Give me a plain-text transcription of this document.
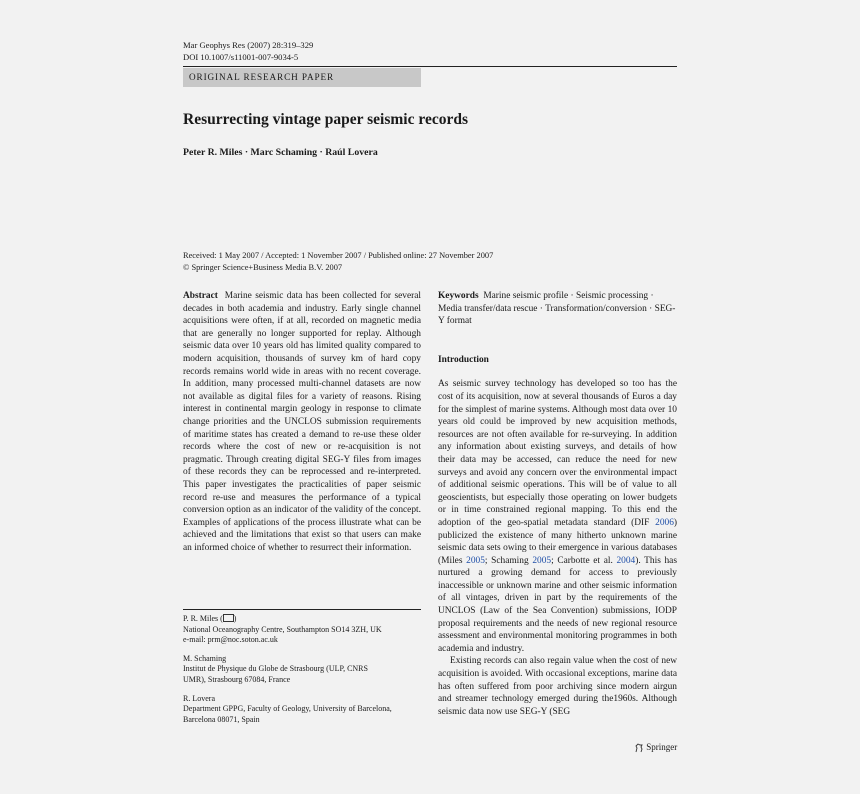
Mar Geophys Res (2007) 28:319–329
DOI 10.1007/s11001-007-9034-5
ORIGINAL RESEARCH PAPER
Resurrecting vintage paper seismic records
Peter R. Miles · Marc Schaming · Raúl Lovera
Received: 1 May 2007 / Accepted: 1 November 2007 / Published online: 27 November 2007
© Springer Science+Business Media B.V. 2007

Abstract Marine seismic data has been collected for several decades in both academia and industry. Early single channel acquisitions were often, if at all, recorded on magnetic media that are generally no longer supported for replay. Although seismic data over 10 years old has limited quality compared to modern acquisition, thousands of survey km of hard copy records remains world wide in areas with no recent coverage. In addition, many processed multi-channel datasets are now not available as digital files for a variety of reasons. Rising interest in continental margin geology in response to climate change priorities and the UNCLOS submission requirements of maritime states has created a demand to re-use these older records where the cost of new or re-acquisition is not pragmatic. Through creating digital SEG-Y files from images of these records they can be reprocessed and re-interpreted. This paper investigates the practicalities of paper seismic record re-use and measures the performance of a typical conversion option as an indicator of the validity of the concept. Examples of applications of the process illustrate what can be achieved and the limitations that exist so that users can make an informed choice of whether to resurrect their information.

P. R. Miles ( )
National Oceanography Centre, Southampton SO14 3ZH, UK
e-mail: prm@noc.soton.ac.uk
M. Schaming
Institut de Physique du Globe de Strasbourg (ULP, CNRS
UMR), Strasbourg 67084, France
R. Lovera
Department GPPG, Faculty of Geology, University of Barcelona,
Barcelona 08071, Spain

Keywords Marine seismic profile · Seismic processing · Media transfer/data rescue · Transformation/conversion · SEG-Y format

Introduction

As seismic survey technology has developed so too has the cost of its acquisition, now at several thousands of Euros a day for the simplest of marine systems. Although most data over 10 years old could be improved by new acquisition methods, resources are not often available for re-surveying. In addition any information about existing surveys, and details of how their data may be accessed, can reduce the need for new surveys and avoid any concern over the environmental impact of additional seismic operations. This will be of value to all geoscientists, but especially those operating on lower budgets or in time constrained regional mapping. To this end the adoption of the geo-spatial metadata standard (DIF 2006) publicized the existence of many hitherto unknown marine seismic data sets owing to their emergence in various databases (Miles 2005; Schaming 2005; Carbotte et al. 2004). This has nurtured a growing demand for access to previously inaccessible or unknown marine and other seismic information of all vintages, driven in part by the requirements of the UNCLOS (Law of the Sea Convention) submissions, IODP proposal requirements and the needs of new regional resource assessment and environmental monitoring programmes in both academia and industry.

Existing records can also regain value when the cost of new acquisition is avoided. With occasional exceptions, marine data has often suffered from poor archiving since modern airgun and streamer technology emerged during the1960s. Although seismic data now use SEG-Y (SEG

Springer
